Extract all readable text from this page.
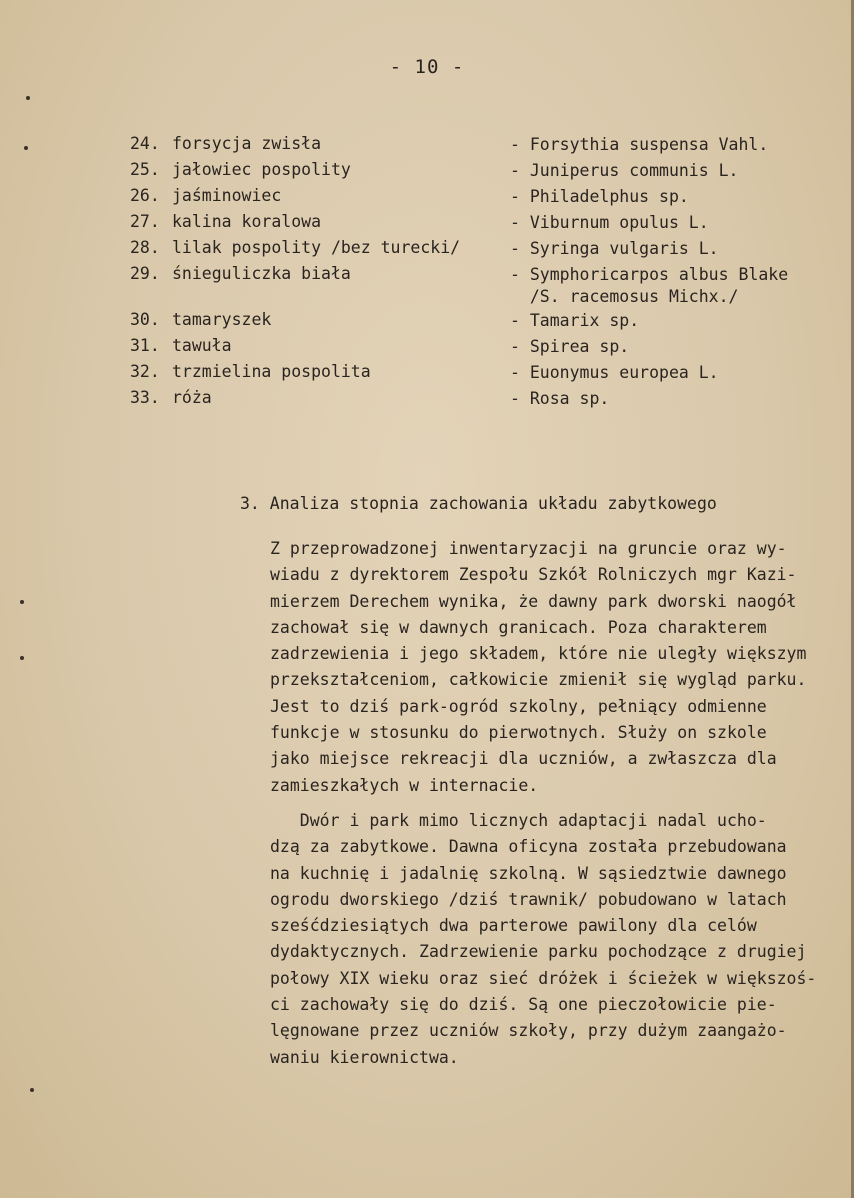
- 10 -
24. forsycja zwisła	- Forsythia suspensa Vahl.
25. jałowiec pospolity	- Juniperus communis L.
26. jaśminowiec	- Philadelphus sp.
27. kalina koralowa	- Viburnum opulus L.
28. lilak pospolity /bez turecki/	- Syringa vulgaris L.
29. śnieguliczka biała	- Symphoricarpos albus Blake
/S. racemosus Michx./
30. tamaryszek	- Tamarix sp.
31. tawuła	- Spirea sp.
32. trzmielina pospolita	- Euonymus europea L.
33. róża	- Rosa sp.
3. Analiza stopnia zachowania układu zabytkowego
Z przeprowadzonej inwentaryzacji na gruncie oraz wy-
wiadu z dyrektorem Zespołu Szkół Rolniczych mgr Kazi-
mierzem Derechem wynika, że dawny park dworski naogół
zachował się w dawnych granicach. Poza charakterem
zadrzewienia i jego składem, które nie uległy większym
przekształceniom, całkowicie zmienił się wygląd parku.
Jest to dziś park-ogród szkolny, pełniący odmienne
funkcje w stosunku do pierwotnych. Służy on szkole
jako miejsce rekreacji dla uczniów, a zwłaszcza dla
zamieszkałych w internacie.
Dwór i park mimo licznych adaptacji nadal ucho-
dzą za zabytkowe. Dawna oficyna została przebudowana
na kuchnię i jadalnię szkolną. W sąsiedztwie dawnego
ogrodu dworskiego /dziś trawnik/ pobudowano w latach
sześćdziesiątych dwa parterowe pawilony dla celów
dydaktycznych. Zadrzewienie parku pochodzące z drugiej
połowy XIX wieku oraz sieć dróżek i ścieżek w większoś-
ci zachowały się do dziś. Są one pieczołowicie pie-
lęgnowane przez uczniów szkoły, przy dużym zaangażo-
waniu kierownictwa.
